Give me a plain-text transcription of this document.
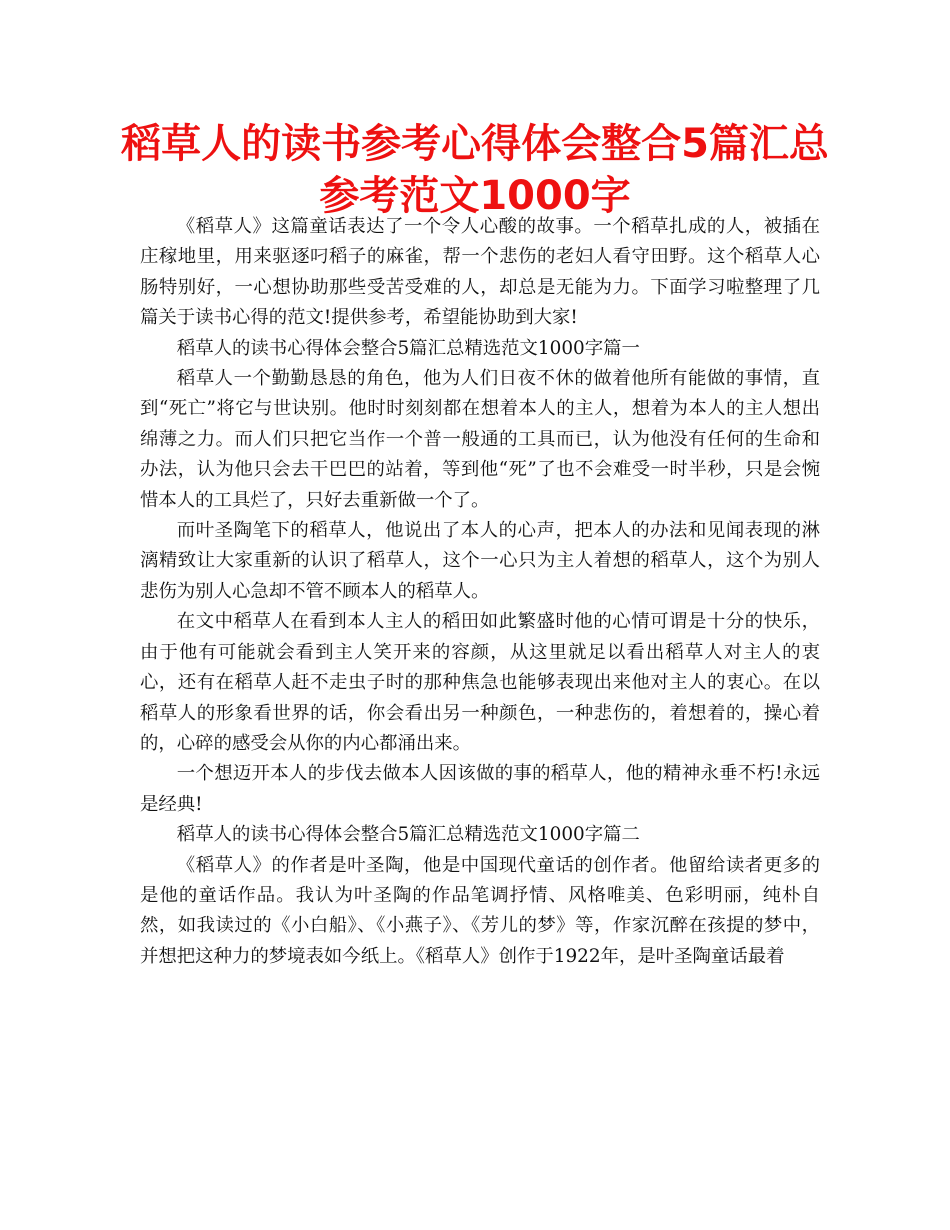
稻草人的读书参考心得体会整合5篇汇总参考范文1000字

《稻草人》这篇童话表达了一个令人心酸的故事。一个稻草扎成的人，被插在庄稼地里，用来驱逐叼稻子的麻雀，帮一个悲伤的老妇人看守田野。这个稻草人心肠特别好，一心想协助那些受苦受难的人，却总是无能为力。下面学习啦整理了几篇关于读书心得的范文!提供参考，希望能协助到大家!

稻草人的读书心得体会整合5篇汇总精选范文1000字篇一

稻草人一个勤勤恳恳的角色，他为人们日夜不休的做着他所有能做的事情，直到“死亡”将它与世诀别。他时时刻刻都在想着本人的主人，想着为本人的主人想出绵薄之力。而人们只把它当作一个普一般通的工具而已，认为他没有任何的生命和办法，认为他只会去干巴巴的站着，等到他“死”了也不会难受一时半秒，只是会惋惜本人的工具烂了，只好去重新做一个了。

而叶圣陶笔下的稻草人，他说出了本人的心声，把本人的办法和见闻表现的淋漓精致让大家重新的认识了稻草人，这个一心只为主人着想的稻草人，这个为别人悲伤为别人心急却不管不顾本人的稻草人。

在文中稻草人在看到本人主人的稻田如此繁盛时他的心情可谓是十分的快乐，由于他有可能就会看到主人笑开来的容颜，从这里就足以看出稻草人对主人的衷心，还有在稻草人赶不走虫子时的那种焦急也能够表现出来他对主人的衷心。在以稻草人的形象看世界的话，你会看出另一种颜色，一种悲伤的，着想着的，操心着的，心碎的感受会从你的内心都涌出来。

一个想迈开本人的步伐去做本人因该做的事的稻草人，他的精神永垂不朽!永远是经典!

稻草人的读书心得体会整合5篇汇总精选范文1000字篇二

《稻草人》的作者是叶圣陶，他是中国现代童话的创作者。他留给读者更多的是他的童话作品。我认为叶圣陶的作品笔调抒情、风格唯美、色彩明丽，纯朴自然，如我读过的《小白船》、《小燕子》、《芳儿的梦》等，作家沉醉在孩提的梦中，并想把这种力的梦境表如今纸上。《稻草人》创作于1922年，是叶圣陶童话最着
